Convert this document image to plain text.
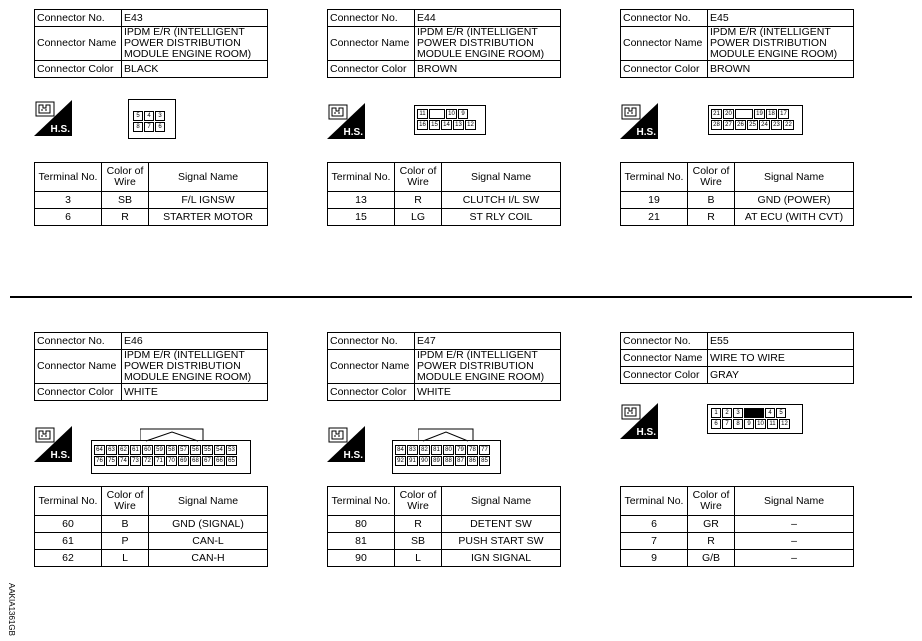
Connector No.	E43
Connector Name	IPDM E/R (INTELLIGENT POWER DISTRIBUTION MODULE ENGINE ROOM)
Connector Color	BLACK
H.S.
5	4	3
8	7	6
Terminal No.	Color of Wire	Signal Name
3	SB	F/L IGNSW
6	R	STARTER MOTOR
Connector No.	E44
Connector Name	IPDM E/R (INTELLIGENT POWER DISTRIBUTION MODULE ENGINE ROOM)
Connector Color	BROWN
H.S.
11	10	9
16 15 14 13 12
Terminal No.	Color of Wire	Signal Name
13	R	CLUTCH I/L SW
15	LG	ST RLY COIL
Connector No.	E45
Connector Name	IPDM E/R (INTELLIGENT POWER DISTRIBUTION MODULE ENGINE ROOM)
Connector Color	BROWN
H.S.
21 20	19 18 17
28 27 26 25 24 23 22
Terminal No.	Color of Wire	Signal Name
19	B	GND (POWER)
21	R	AT ECU (WITH CVT)
Connector No.	E46
Connector Name	IPDM E/R (INTELLIGENT POWER DISTRIBUTION MODULE ENGINE ROOM)
Connector Color	WHITE
H.S.	64 63 62 61 60 59 58 57 56 55 54 53
76 75 74 73 72 71 70 69 68 67 66 65
Terminal No.	Color of Wire	Signal Name
60	B	GND (SIGNAL)
61	P	CAN-L
62	L	CAN-H
Connector No.	E47
Connector Name	IPDM E/R (INTELLIGENT POWER DISTRIBUTION MODULE ENGINE ROOM)
Connector Color	WHITE
H.S.	84 83 82 81 80 79 78 77
92 91 90 89 88 87 86 85
Terminal No.	Color of Wire	Signal Name
80	R	DETENT SW
81	SB	PUSH START SW
90	L	IGN SIGNAL
Connector No.	E55
Connector Name	WIRE TO WIRE
Connector Color	GRAY
H.S.
1	2	3	4	5
6	7	8	9	10 11 12
Terminal No.	Color of Wire	Signal Name
6	GR	–
7	R	–
9	G/B	–
AAKIA1361GB
